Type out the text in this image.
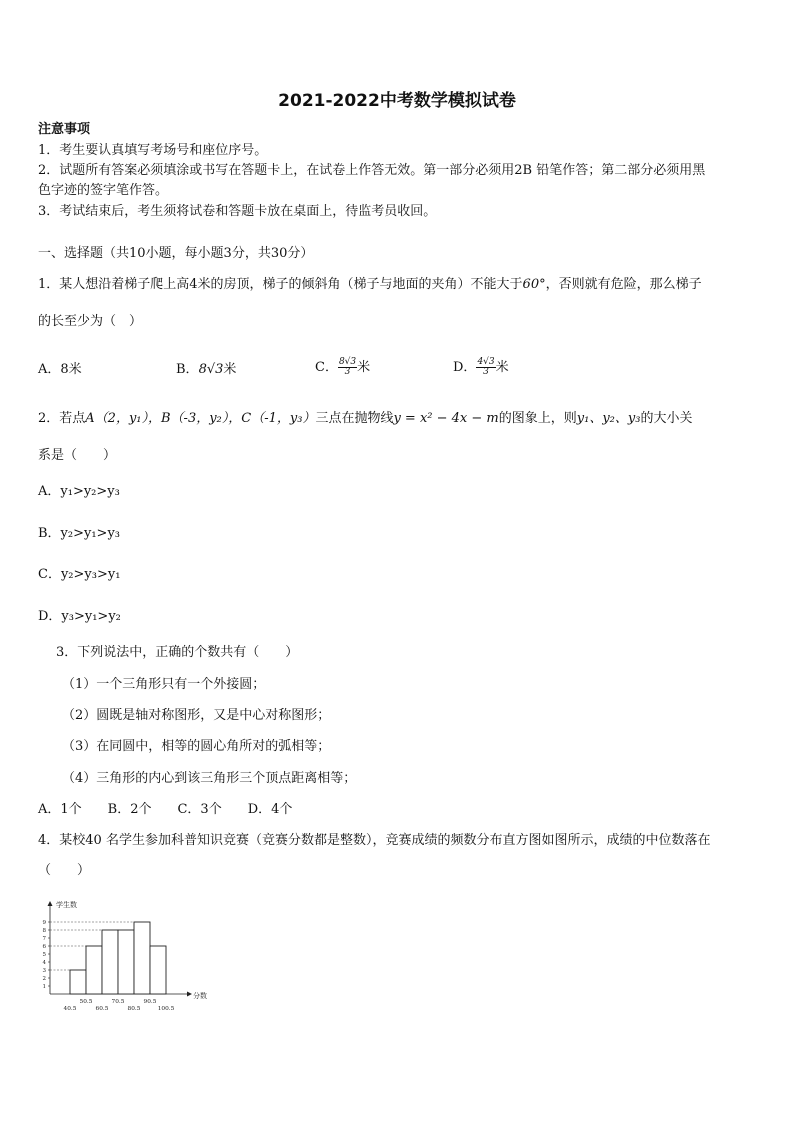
2021-2022中考数学模拟试卷
注意事项
1．考生要认真填写考场号和座位序号。
2．试题所有答案必须填涂或书写在答题卡上，在试卷上作答无效。第一部分必须用2B 铅笔作答；第二部分必须用黑
色字迹的签字笔作答。
3．考试结束后，考生须将试卷和答题卡放在桌面上，待监考员收回。
一、选择题（共10小题，每小题3分，共30分）
1．某人想沿着梯子爬上高4米的房顶，梯子的倾斜角（梯子与地面的夹角）不能大于60°，否则就有危险，那么梯子
的长至少为（　）
A．8米	B．8√3米	C． $\frac{8√3}{3}$ 米	D． $\frac{4√3}{3}$ 米
2．若点A（2，y₁），B（-3，y₂），C（-1，y₃）三点在抛物线y = x² − 4x − m的图象上，则y₁、y₂、y₃的大小关
系是（　　）
A．y₁>y₂>y₃
B．y₂>y₁>y₃
C．y₂>y₃>y₁
D．y₃>y₁>y₂
3．下列说法中，正确的个数共有（　　）
（1）一个三角形只有一个外接圆；
（2）圆既是轴对称图形，又是中心对称图形；
（3）在同圆中，相等的圆心角所对的弧相等；
（4）三角形的内心到该三角形三个顶点距离相等；
A．1个　　B．2个　　C．3个　　D．4个
4．某校40 名学生参加科普知识竞赛（竞赛分数都是整数），竞赛成绩的频数分布直方图如图所示，成绩的中位数落在
（　　）
学生数
分数
1
2
3
4
5
6
7
8
9
40.5
50.5
60.5
70.5
80.5
90.5
100.5
